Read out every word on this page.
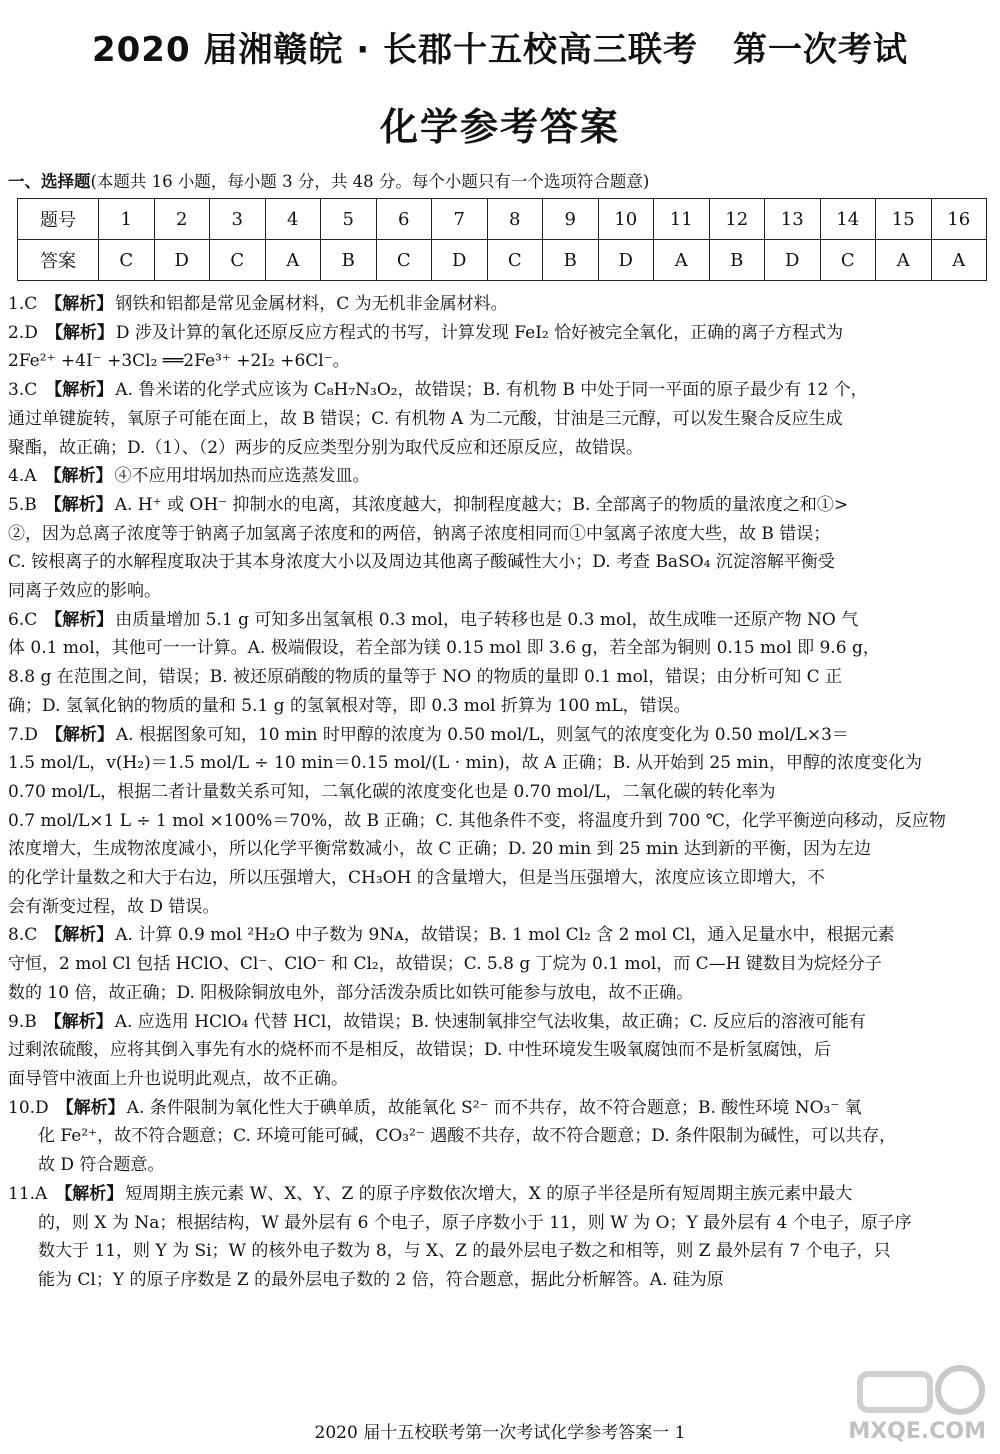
2020 届湘赣皖 · 长郡十五校高三联考　第一次考试
化学参考答案
一、选择题(本题共 16 小题，每小题 3 分，共 48 分。每个小题只有一个选项符合题意)
题号	1	2	3	4	5	6	7	8	9	10	11	12	13	14	15	16
答案	C	D	C	A	B	C	D	C	B	D	A	B	D	C	A	A
1.C 【解析】 钢铁和铝都是常见金属材料，C 为无机非金属材料。
2.D 【解析】 D 涉及计算的氧化还原反应方程式的书写，计算发现 FeI₂ 恰好被完全氧化，正确的离子方程式为
2Fe²⁺ +4I⁻ +3Cl₂ ══2Fe³⁺ +2I₂ +6Cl⁻。
3.C 【解析】 A. 鲁米诺的化学式应该为 C₈H₇N₃O₂，故错误；B. 有机物 B 中处于同一平面的原子最少有 12 个，
通过单键旋转，氧原子可能在面上，故 B 错误；C. 有机物 A 为二元酸，甘油是三元醇，可以发生聚合反应生成
聚酯，故正确；D.（1）、（2）两步的反应类型分别为取代反应和还原反应，故错误。
4.A 【解析】 ④不应用坩埚加热而应选蒸发皿。
5.B 【解析】 A. H⁺ 或 OH⁻ 抑制水的电离，其浓度越大，抑制程度越大；B. 全部离子的物质的量浓度之和①>
②，因为总离子浓度等于钠离子加氢离子浓度和的两倍，钠离子浓度相同而①中氢离子浓度大些，故 B 错误；
C. 铵根离子的水解程度取决于其本身浓度大小以及周边其他离子酸碱性大小；D. 考查 BaSO₄ 沉淀溶解平衡受
同离子效应的影响。
6.C 【解析】 由质量增加 5.1 g 可知多出氢氧根 0.3 mol，电子转移也是 0.3 mol，故生成唯一还原产物 NO 气
体 0.1 mol，其他可一一计算。A. 极端假设，若全部为镁 0.15 mol 即 3.6 g，若全部为铜则 0.15 mol 即 9.6 g，
8.8 g 在范围之间，错误；B. 被还原硝酸的物质的量等于 NO 的物质的量即 0.1 mol，错误；由分析可知 C 正
确；D. 氢氧化钠的物质的量和 5.1 g 的氢氧根对等，即 0.3 mol 折算为 100 mL，错误。
7.D 【解析】 A. 根据图象可知，10 min 时甲醇的浓度为 0.50 mol/L，则氢气的浓度变化为 0.50 mol/L×3＝
1.5 mol/L，v(H₂)＝1.5 mol/L ÷ 10 min＝0.15 mol/(L · min)，故 A 正确；B. 从开始到 25 min，甲醇的浓度变化为
0.70 mol/L，根据二者计量数关系可知，二氧化碳的浓度变化也是 0.70 mol/L，二氧化碳的转化率为
0.7 mol/L×1 L ÷ 1 mol ×100%＝70%，故 B 正确；C. 其他条件不变，将温度升到 700 ℃，化学平衡逆向移动，反应物
浓度增大，生成物浓度减小，所以化学平衡常数减小，故 C 正确；D. 20 min 到 25 min 达到新的平衡，因为左边
的化学计量数之和大于右边，所以压强增大，CH₃OH 的含量增大，但是当压强增大，浓度应该立即增大，不
会有渐变过程，故 D 错误。
8.C 【解析】 A. 计算 0.9 mol ²H₂O 中子数为 9Nᴀ，故错误；B. 1 mol Cl₂ 含 2 mol Cl，通入足量水中，根据元素
守恒，2 mol Cl 包括 HClO、Cl⁻、ClO⁻ 和 Cl₂，故错误；C. 5.8 g 丁烷为 0.1 mol，而 C—H 键数目为烷烃分子
数的 10 倍，故正确；D. 阳极除铜放电外，部分活泼杂质比如铁可能参与放电，故不正确。
9.B 【解析】 A. 应选用 HClO₄ 代替 HCl，故错误；B. 快速制氧排空气法收集，故正确；C. 反应后的溶液可能有
过剩浓硫酸，应将其倒入事先有水的烧杯而不是相反，故错误；D. 中性环境发生吸氧腐蚀而不是析氢腐蚀，后
面导管中液面上升也说明此观点，故不正确。
10.D 【解析】 A. 条件限制为氧化性大于碘单质，故能氧化 S²⁻ 而不共存，故不符合题意；B. 酸性环境 NO₃⁻ 氧
化 Fe²⁺，故不符合题意；C. 环境可能可碱，CO₃²⁻ 遇酸不共存，故不符合题意；D. 条件限制为碱性，可以共存，
故 D 符合题意。
11.A 【解析】 短周期主族元素 W、X、Y、Z 的原子序数依次增大，X 的原子半径是所有短周期主族元素中最大
的，则 X 为 Na；根据结构，W 最外层有 6 个电子，原子序数小于 11，则 W 为 O；Y 最外层有 4 个电子，原子序
数大于 11，则 Y 为 Si；W 的核外电子数为 8，与 X、Z 的最外层电子数之和相等，则 Z 最外层有 7 个电子，只
能为 Cl；Y 的原子序数是 Z 的最外层电子数的 2 倍，符合题意，据此分析解答。A. 硅为原
2020 届十五校联考第一次考试化学参考答案一 1	MXQE.COM
